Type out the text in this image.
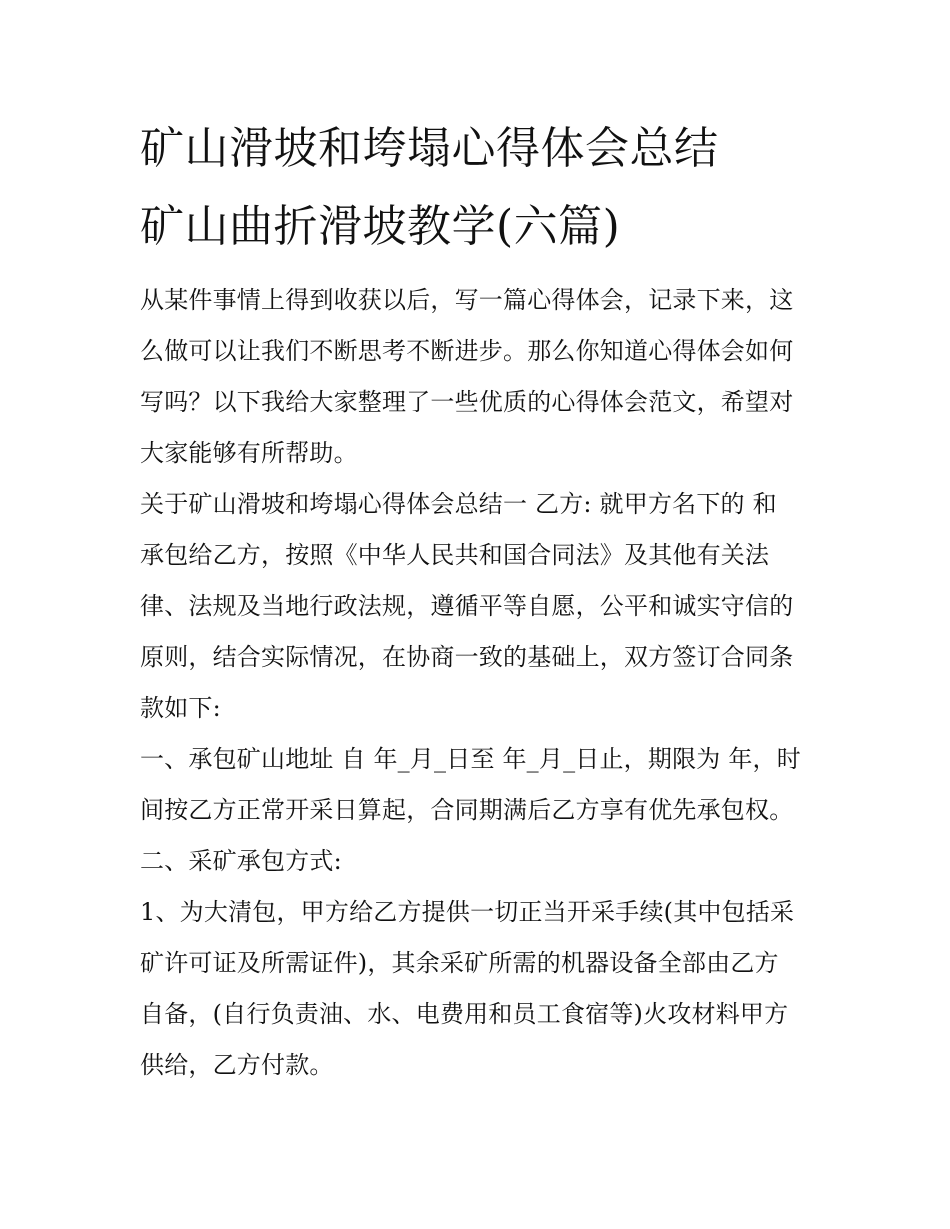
矿山滑坡和垮塌心得体会总结
矿山曲折滑坡教学(六篇)
从某件事情上得到收获以后，写一篇心得体会，记录下来，这
么做可以让我们不断思考不断进步。那么你知道心得体会如何
写吗？以下我给大家整理了一些优质的心得体会范文，希望对
大家能够有所帮助。
关于矿山滑坡和垮塌心得体会总结一 乙方: 就甲方名下的 和
承包给乙方，按照《中华人民共和国合同法》及其他有关法
律、法规及当地行政法规，遵循平等自愿，公平和诚实守信的
原则，结合实际情况，在协商一致的基础上，双方签订合同条
款如下:
一、承包矿山地址 自 年_月_日至 年_月_日止，期限为 年，时
间按乙方正常开采日算起，合同期满后乙方享有优先承包权。
二、采矿承包方式:
1、为大清包，甲方给乙方提供一切正当开采手续(其中包括采
矿许可证及所需证件)，其余采矿所需的机器设备全部由乙方
自备，(自行负责油、水、电费用和员工食宿等)火攻材料甲方
供给，乙方付款。
